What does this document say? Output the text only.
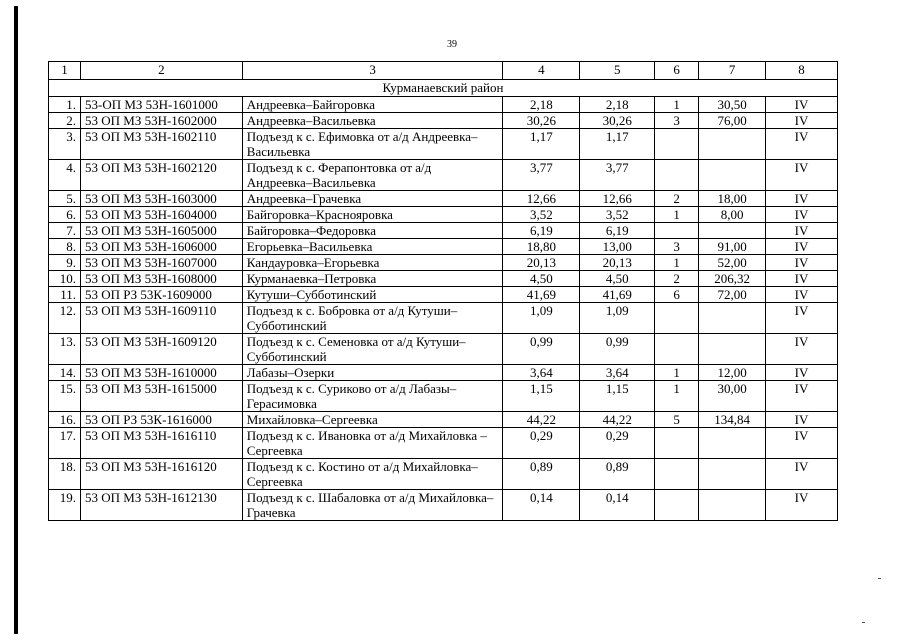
39
1	2	3	4	5	6	7	8
Курманаевский район							
1.	53-ОП МЗ 53Н-1601000	Андреевка–Байгоровка	2,18	2,18	1	30,50	IV
2.	53 ОП МЗ 53Н-1602000	Андреевка–Васильевка	30,26	30,26	3	76,00	IV
3.	53 ОП МЗ 53Н-1602110	Подъезд к с. Ефимовка от а/д Андреевка–Васильевка	1,17	1,17			IV
4.	53 ОП МЗ 53Н-1602120	Подъезд к с. Ферапонтовка от а/д Андреевка–Васильевка	3,77	3,77			IV
5.	53 ОП МЗ 53Н-1603000	Андреевка–Грачевка	12,66	12,66	2	18,00	IV
6.	53 ОП МЗ 53Н-1604000	Байгоровка–Краснояровка	3,52	3,52	1	8,00	IV
7.	53 ОП МЗ 53Н-1605000	Байгоровка–Федоровка	6,19	6,19			IV
8.	53 ОП МЗ 53Н-1606000	Егорьевка–Васильевка	18,80	13,00	3	91,00	IV
9.	53 ОП МЗ 53Н-1607000	Кандауровка–Егорьевка	20,13	20,13	1	52,00	IV
10.	53 ОП МЗ 53Н-1608000	Курманаевка–Петровка	4,50	4,50	2	206,32	IV
11.	53 ОП РЗ 53К-1609000	Кутуши–Субботинский	41,69	41,69	6	72,00	IV
12.	53 ОП МЗ 53Н-1609110	Подъезд к с. Бобровка от а/д Кутуши–Субботинский	1,09	1,09			IV
13.	53 ОП МЗ 53Н-1609120	Подъезд к с. Семеновка от а/д Кутуши–Субботинский	0,99	0,99			IV
14.	53 ОП МЗ 53Н-1610000	Лабазы–Озерки	3,64	3,64	1	12,00	IV
15.	53 ОП МЗ 53Н-1615000	Подъезд к с. Суриково от а/д Лабазы–Герасимовка	1,15	1,15	1	30,00	IV
16.	53 ОП РЗ 53К-1616000	Михайловка–Сергеевка	44,22	44,22	5	134,84	IV
17.	53 ОП МЗ 53Н-1616110	Подъезд к с. Ивановка от а/д Михайловка –Сергеевка	0,29	0,29			IV
18.	53 ОП МЗ 53Н-1616120	Подъезд к с. Костино от а/д Михайловка–Сергеевка	0,89	0,89			IV
19.	53 ОП МЗ 53Н-1612130	Подъезд к с. Шабаловка от а/д Михайловка–Грачевка	0,14	0,14			IV
